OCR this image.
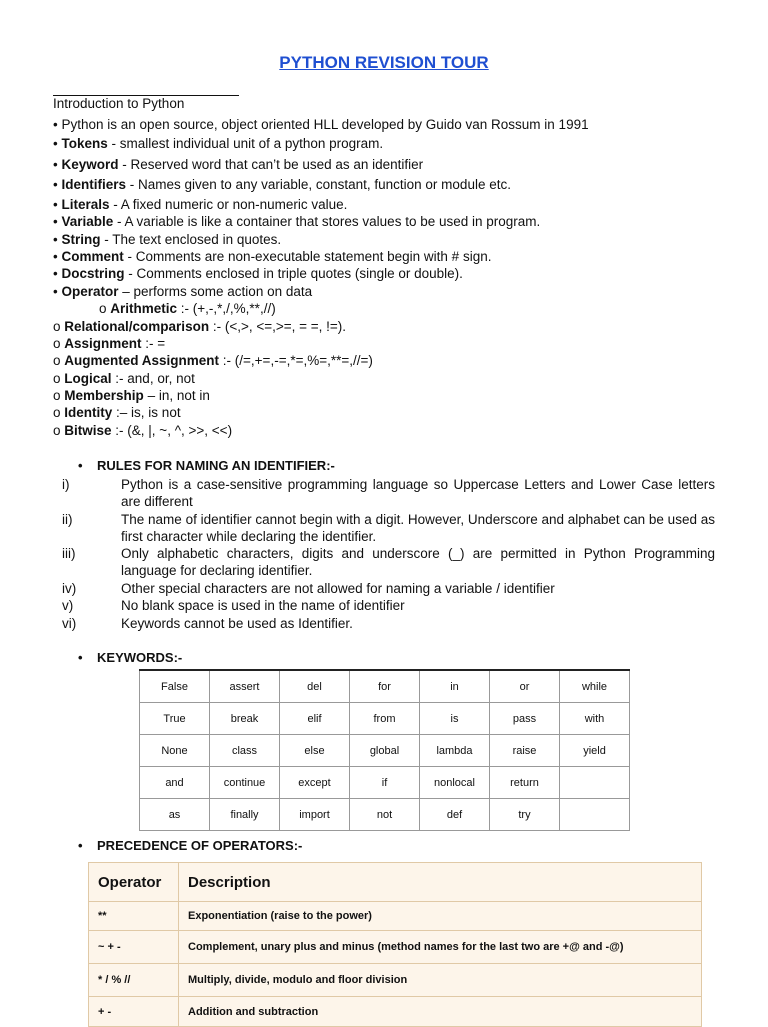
PYTHON REVISION TOUR
Introduction to Python
• Python is an open source, object oriented HLL developed by Guido van Rossum in 1991
• Tokens - smallest individual unit of a python program.
• Keyword - Reserved word that can’t be used as an identifier
• Identifiers - Names given to any variable, constant, function or module etc.
• Literals - A fixed numeric or non-numeric value.
• Variable - A variable is like a container that stores values to be used in program.
• String - The text enclosed in quotes.
• Comment - Comments are non-executable statement begin with # sign.
• Docstring - Comments enclosed in triple quotes (single or double).
• Operator – performs some action on data
o Arithmetic :- (+,-,*,/,%,**,//)
o Relational/comparison :- (<,>, <=,>=, = =, !=).
o Assignment :- =
o Augmented Assignment :- (/=,+=,-=,*=,%=,**=,//=)
o Logical :- and, or, not
o Membership – in, not in
o Identity :– is, is not
o Bitwise :- (&, |, ~, ^, >>, <<)
• RULES FOR NAMING AN IDENTIFIER:-
i)	Python is a case-sensitive programming language so Uppercase Letters and Lower Case letters are different
ii)	The name of identifier cannot begin with a digit. However, Underscore and alphabet can be used as first character while declaring the identifier.
iii)	Only alphabetic characters, digits and underscore (_) are permitted in Python Programming language for declaring identifier.
iv)	Other special characters are not allowed for naming a variable / identifier
v)	No blank space is used in the name of identifier
vi)	Keywords cannot be used as Identifier.
• KEYWORDS:-
False	assert	del	for	in	or	while
True	break	elif	from	is	pass	with
None	class	else	global	lambda	raise	yield
and	continue	except	if	nonlocal	return	
as	finally	import	not	def	try	
• PRECEDENCE OF OPERATORS:-
Operator	Description
**	Exponentiation (raise to the power)
~ + -	Complement, unary plus and minus (method names for the last two are +@ and -@)
* / % //	Multiply, divide, modulo and floor division
+ -	Addition and subtraction
